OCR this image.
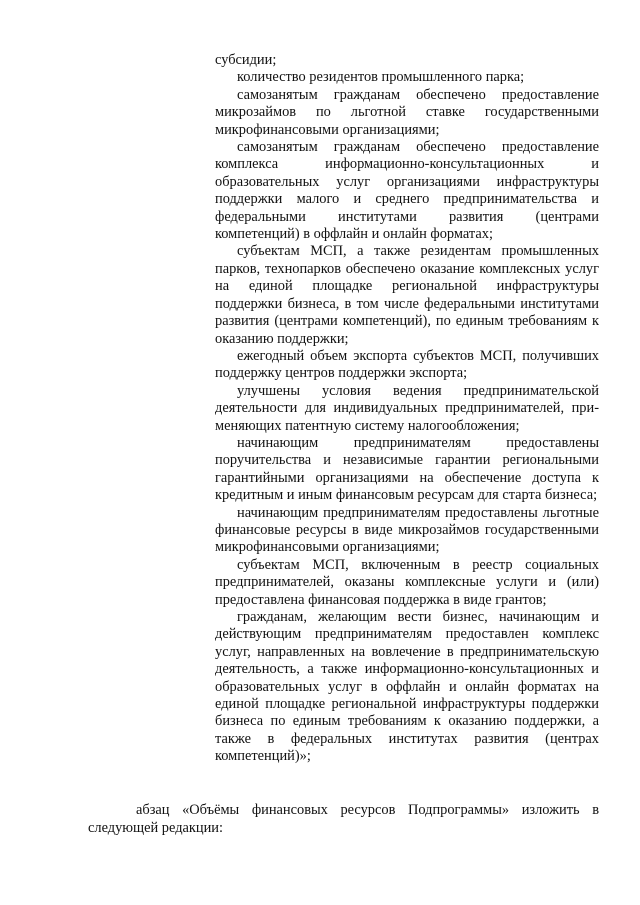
субсидии;

количество резидентов промышленного парка;

самозанятым гражданам обеспечено предоставление микрозаймов по льготной ставке государственными микрофинансовыми организациями;

самозанятым гражданам обеспечено предоставление комплекса информационно-консультационных и образовательных услуг организациями инфраструктуры поддержки малого и среднего предпринимательства и федеральными институтами развития (центрами компетенций) в оффлайн и онлайн форматах;

субъектам МСП, а также резидентам промышленных парков, технопарков обеспечено оказание комплексных услуг на единой площадке региональной инфраструктуры поддержки бизнеса, в том числе федеральными институтами развития (центрами компетенций), по единым требованиям к оказанию поддержки;

ежегодный объем экспорта субъектов МСП, получивших поддержку центров поддержки экспорта;

улучшены условия ведения предпринимательской деятельности для индивидуальных предпринимателей, при-меняющих патентную систему налогообложения;

начинающим предпринимателям предоставлены поручительства и независимые гарантии региональными гарантийными организациями на обеспечение доступа к кредитным и иным финансовым ресурсам для старта бизнеса;

начинающим предпринимателям предоставлены льготные финансовые ресурсы в виде микрозаймов государственными микрофинансовыми организациями;

субъектам МСП, включенным в реестр социальных предпринимателей, оказаны комплексные услуги и (или) предоставлена финансовая поддержка в виде грантов;

гражданам, желающим вести бизнес, начинающим и действующим предпринимателям предоставлен комплекс услуг, направленных на вовлечение в предпринимательскую деятельность, а также информационно-консультационных и образовательных услуг в оффлайн и онлайн форматах на единой площадке региональной инфраструктуры поддержки бизнеса по единым требованиям к оказанию поддержки, а также в федеральных институтах развития (центрах компетенций)»;

абзац «Объёмы финансовых ресурсов Подпрограммы» изложить в следующей редакции:
